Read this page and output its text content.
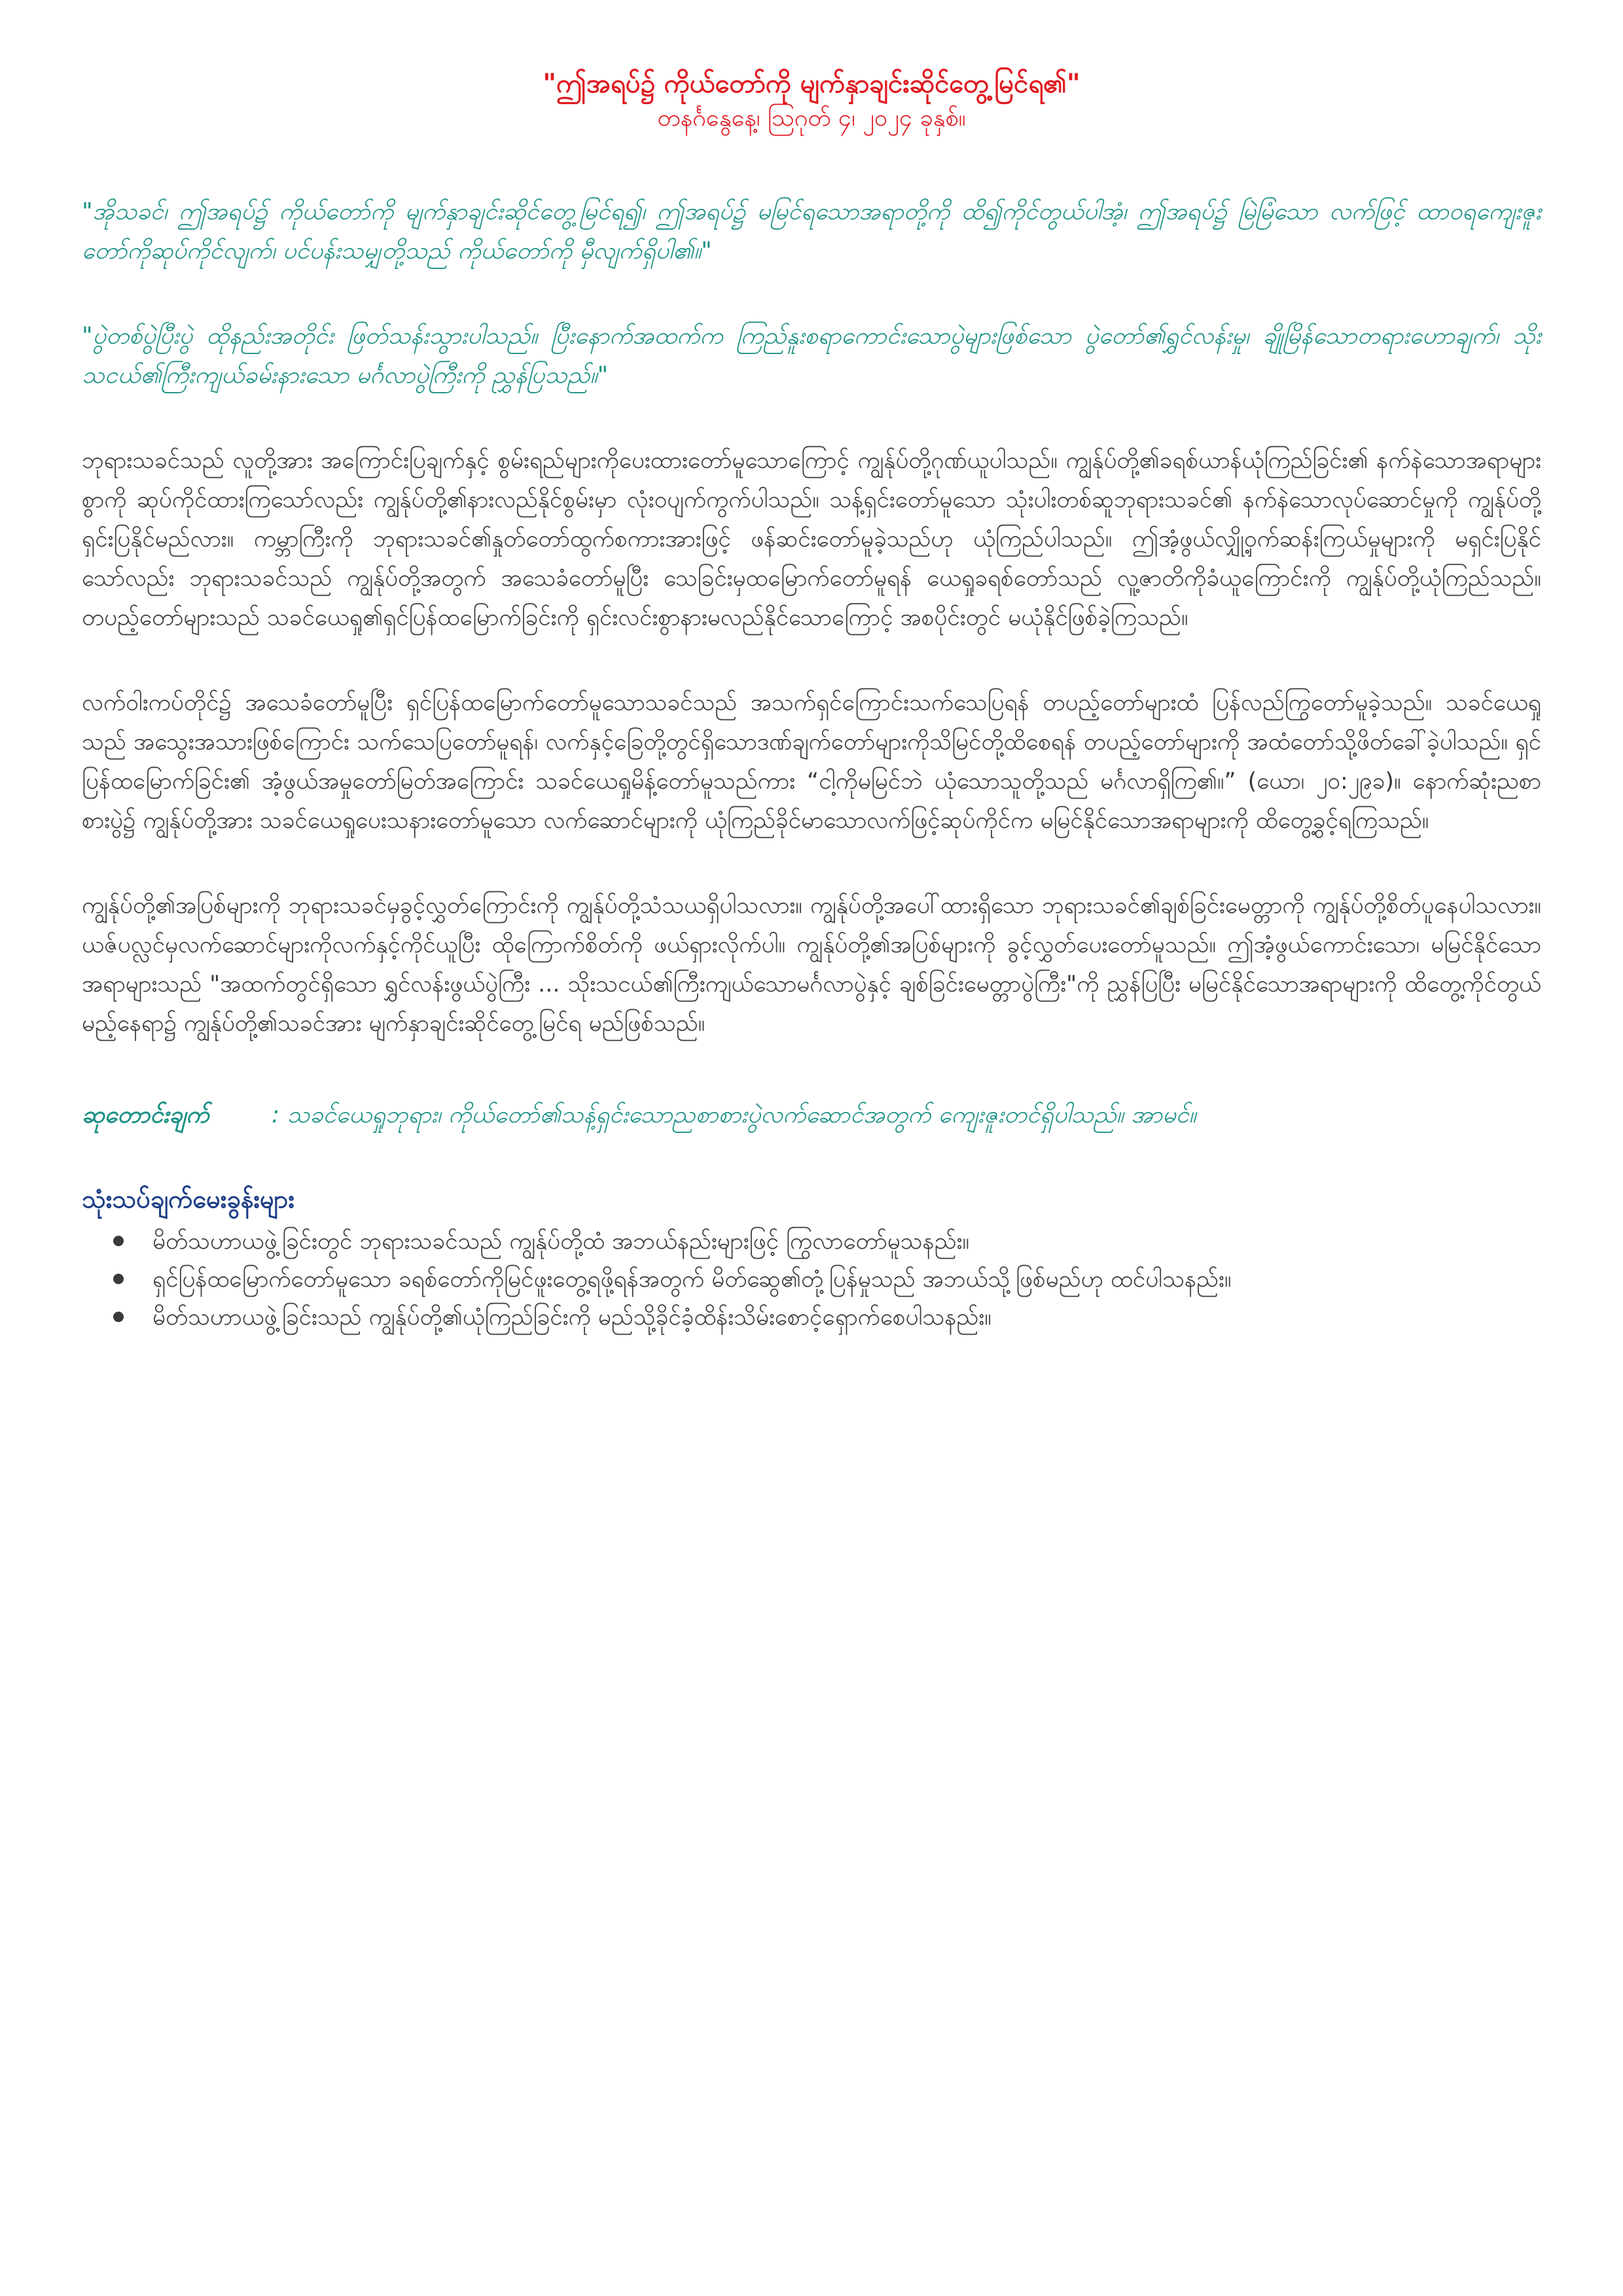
"ဤအရပ်၌ ကိုယ်တော်ကို မျက်နှာချင်းဆိုင်တွေ့မြင်ရ၏"

တနင်္ဂနွေနေ့၊ ဩဂုတ် ၄၊ ၂၀၂၄ ခုနှစ်။

"အိုသခင်၊ ဤအရပ်၌ ကိုယ်တော်ကို မျက်နှာချင်းဆိုင်တွေ့မြင်ရ၍၊ ဤအရပ်၌ မမြင်ရသောအရာတို့ကို ထိ၍ကိုင်တွယ်ပါအံ့၊ ဤအရပ်၌ မြဲမြံသော လက်ဖြင့် ထာဝရကျေးဇူးတော်ကိုဆုပ်ကိုင်လျက်၊ ပင်ပန်းသမျှတို့သည် ကိုယ်တော်ကို မှီလျက်ရှိပါ၏။"

"ပွဲတစ်ပွဲပြီးပွဲ ထိုနည်းအတိုင်း ဖြတ်သန်းသွားပါသည်။ ပြီးနောက်အထက်က ကြည်နူးစရာကောင်းသောပွဲများဖြစ်သော ပွဲတော်၏ရွှင်လန်းမှု၊ ချိုမြိန်သောတရားဟောချက်၊ သိုးသငယ်၏ကြီးကျယ်ခမ်းနားသော မင်္ဂလာပွဲကြီးကို ညွှန်ပြသည်။"

ဘုရားသခင်သည် လူတို့အား အကြောင်းပြချက်နှင့် စွမ်းရည်များကိုပေးထားတော်မူသောကြောင့် ကျွန်ုပ်တို့ဂုဏ်ယူပါသည်။ ကျွန်ုပ်တို့၏ခရစ်ယာန်ယုံကြည်ခြင်း၏ နက်နဲသောအရာများစွာကို ဆုပ်ကိုင်ထားကြသော်လည်း ကျွန်ုပ်တို့၏နားလည်နိုင်စွမ်းမှာ လုံးဝပျက်ကွက်ပါသည်။ သန့်ရှင်းတော်မူသော သုံးပါးတစ်ဆူဘုရားသခင်၏ နက်နဲသောလုပ်ဆောင်မှုကို ကျွန်ုပ်တို့ရှင်းပြနိုင်မည်လား။ ကမ္ဘာကြီးကို ဘုရားသခင်၏နှုတ်တော်ထွက်စကားအားဖြင့် ဖန်ဆင်းတော်မူခဲ့သည်ဟု ယုံကြည်ပါသည်။ ဤအံ့ဖွယ်လျှို့ဝှက်ဆန်းကြယ်မှုများကို မရှင်းပြနိုင်သော်လည်း ဘုရားသခင်သည် ကျွန်ုပ်တို့အတွက် အသေခံတော်မူပြီး သေခြင်းမှထမြောက်တော်မူရန် ယေရှုခရစ်တော်သည် လူ့ဇာတိကိုခံယူကြောင်းကို ကျွန်ုပ်တို့ယုံကြည်သည်။ တပည့်တော်များသည် သခင်ယေရှု၏ရှင်ပြန်ထမြောက်ခြင်းကို ရှင်းလင်းစွာနားမလည်နိုင်သောကြောင့် အစပိုင်းတွင် မယုံနိုင်ဖြစ်ခဲ့ကြသည်။

လက်ဝါးကပ်တိုင်၌ အသေခံတော်မူပြီး ရှင်ပြန်ထမြောက်တော်မူသောသခင်သည် အသက်ရှင်ကြောင်းသက်သေပြရန် တပည့်တော်များထံ ပြန်လည်ကြွတော်မူခဲ့သည်။ သခင်ယေရှုသည် အသွေးအသားဖြစ်ကြောင်း သက်သေပြတော်မူရန်၊ လက်နှင့်ခြေတို့တွင်ရှိသောဒဏ်ချက်တော်များကိုသိမြင်တို့ထိစေရန် တပည့်တော်များကို အထံတော်သို့ဖိတ်ခေါ်ခဲ့ပါသည်။ ရှင်ပြန်ထမြောက်ခြင်း၏ အံ့ဖွယ်အမှုတော်မြတ်အကြောင်း သခင်ယေရှုမိန့်တော်မူသည်ကား “ငါ့ကိုမမြင်ဘဲ ယုံသောသူတို့သည် မင်္ဂလာရှိကြ၏။” (ယော၊ ၂၀:၂၉ခ)။ နောက်ဆုံးညစာစားပွဲ၌ ကျွန်ုပ်တို့အား သခင်ယေရှုပေးသနားတော်မူသော လက်ဆောင်များကို ယုံကြည်ခိုင်မာသောလက်ဖြင့်ဆုပ်ကိုင်က မမြင်နိုင်သောအရာများကို ထိတွေ့ခွင့်ရကြသည်။

ကျွန်ုပ်တို့၏အပြစ်များကို ဘုရားသခင်မှခွင့်လွှတ်ကြောင်းကို ကျွန်ုပ်တို့သံသယရှိပါသလား။ ကျွန်ုပ်တို့အပေါ်ထားရှိသော ဘုရားသခင်၏ချစ်ခြင်းမေတ္တာကို ကျွန်ုပ်တို့စိတ်ပူနေပါသလား။ ယဇ်ပလ္လင်မှလက်ဆောင်များကိုလက်နှင့်ကိုင်ယူပြီး ထိုကြောက်စိတ်ကို ဖယ်ရှားလိုက်ပါ။ ကျွန်ုပ်တို့၏အပြစ်များကို ခွင့်လွှတ်ပေးတော်မူသည်။ ဤအံ့ဖွယ်ကောင်းသော၊ မမြင်နိုင်သောအရာများသည် "အထက်တွင်ရှိသော ရွှင်လန်းဖွယ်ပွဲကြီး ... သိုးသငယ်၏ကြီးကျယ်သောမင်္ဂလာပွဲနှင့် ချစ်ခြင်းမေတ္တာပွဲကြီး"ကို ညွှန်ပြပြီး မမြင်နိုင်သောအရာများကို ထိတွေ့ကိုင်တွယ်မည့်နေရာ၌ ကျွန်ုပ်တို့၏သခင်အား မျက်နှာချင်းဆိုင်တွေ့မြင်ရ မည်ဖြစ်သည်။

ဆုတောင်းချက်	: သခင်ယေရှုဘုရား၊ ကိုယ်တော်၏သန့်ရှင်းသောညစာစားပွဲလက်ဆောင်အတွက် ကျေးဇူးတင်ရှိပါသည်။ အာမင်။
သုံးသပ်ချက်မေးခွန်းများ
မိတ်သဟာယဖွဲ့ခြင်းတွင် ဘုရားသခင်သည် ကျွန်ုပ်တို့ထံ အဘယ်နည်းများဖြင့် ကြွလာတော်မူသနည်း။
ရှင်ပြန်ထမြောက်တော်မူသော ခရစ်တော်ကိုမြင်ဖူးတွေ့ရဖို့ရန်အတွက် မိတ်ဆွေ၏တုံ့ပြန်မှုသည် အဘယ်သို့ဖြစ်မည်ဟု ထင်ပါသနည်း။
မိတ်သဟာယဖွဲ့ခြင်းသည် ကျွန်ုပ်တို့၏ယုံကြည်ခြင်းကို မည်သို့ခိုင်ခံ့ထိန်းသိမ်းစောင့်ရှောက်စေပါသနည်း။
